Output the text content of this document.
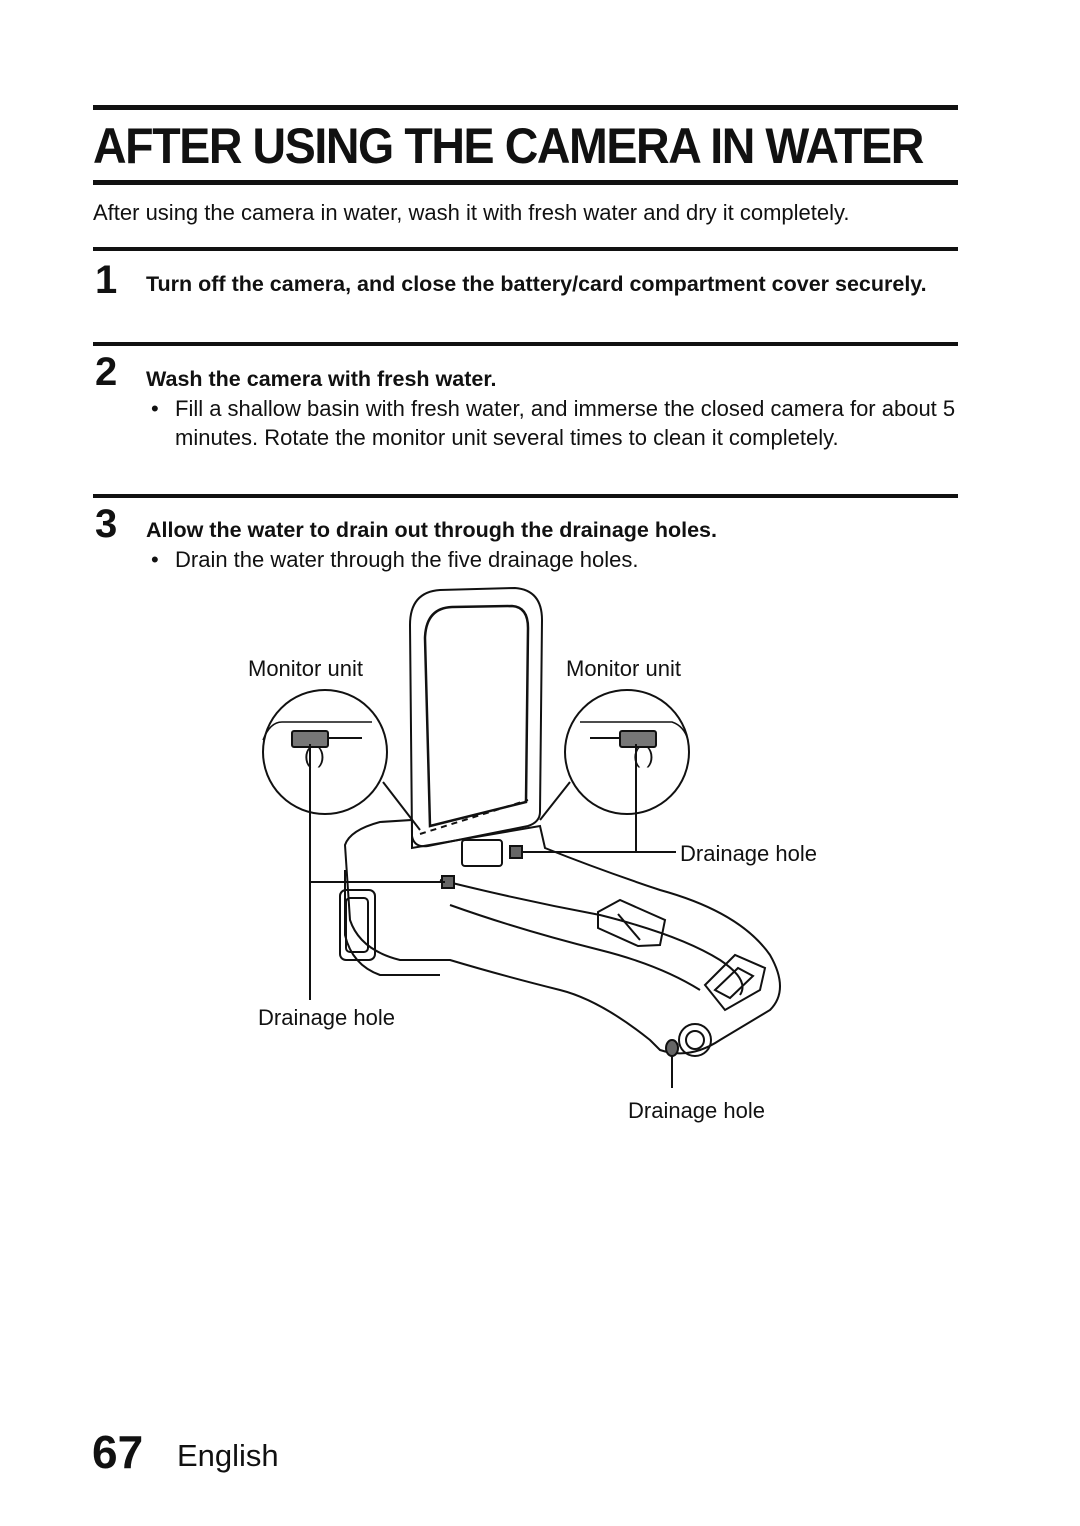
AFTER USING THE CAMERA IN WATER
After using the camera in water, wash it with fresh water and dry it completely.
1 Turn off the camera, and close the battery/card compartment cover securely.
2 Wash the camera with fresh water.
• Fill a shallow basin with fresh water, and immerse the closed camera for about 5 minutes. Rotate the monitor unit several times to clean it completely.
3 Allow the water to drain out through the drainage holes.
• Drain the water through the five drainage holes.
( )	( )
Monitor unit	Monitor unit
Drainage hole
Drainage hole
Drainage hole
67 English
